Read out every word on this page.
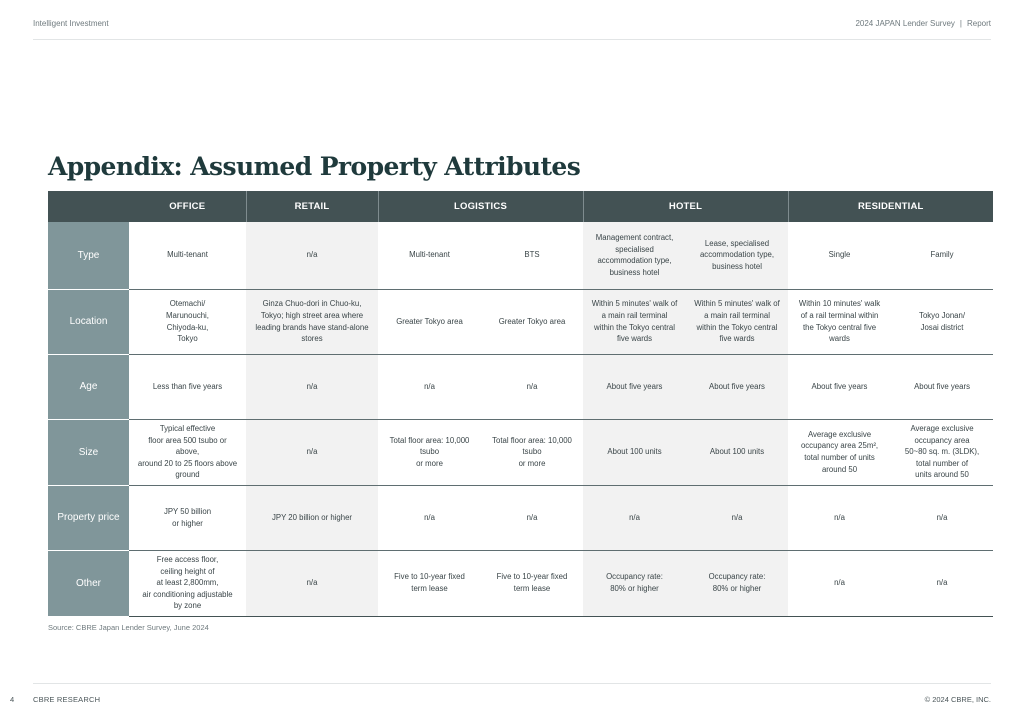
Intelligent Investment	2024 JAPAN Lender Survey | Report
Appendix: Assumed Property Attributes
	OFFICE	RETAIL	LOGISTICS		HOTEL		RESIDENTIAL	
Type	Multi-tenant	n/a	Multi-tenant	BTS	Management contract,
specialised
accommodation type,
business hotel	Lease, specialised
accommodation type,
business hotel	Single	Family
Location	Otemachi/
Marunouchi,
Chiyoda-ku,
Tokyo	Ginza Chuo-dori in Chuo-ku,
Tokyo; high street area where
leading brands have stand-alone
stores	Greater Tokyo area	Greater Tokyo area	Within 5 minutes' walk of
a main rail terminal
within the Tokyo central
five wards	Within 5 minutes' walk of
a main rail terminal
within the Tokyo central
five wards	Within 10 minutes' walk
of a rail terminal within
the Tokyo central five
wards	Tokyo Jonan/
Josai district
Age	Less than five years	n/a	n/a	n/a	About five years	About five years	About five years	About five years
Size	Typical effective
floor area 500 tsubo or
above,
around 20 to 25 floors above
ground	n/a	Total floor area: 10,000
tsubo
or more	Total floor area: 10,000
tsubo
or more	About 100 units	About 100 units	Average exclusive
occupancy area 25m²,
total number of units
around 50	Average exclusive
occupancy area
50~80 sq. m. (3LDK),
total number of
units around 50
Property price	JPY 50 billion
or higher	JPY 20 billion or higher	n/a	n/a	n/a	n/a	n/a	n/a
Other	Free access floor,
ceiling height of
at least 2,800mm,
air conditioning adjustable
by zone	n/a	Five to 10-year fixed
term lease	Five to 10-year fixed
term lease	Occupancy rate:
80% or higher	Occupancy rate:
80% or higher	n/a	n/a
Source: CBRE Japan Lender Survey, June 2024
4	CBRE RESEARCH	© 2024 CBRE, INC.
